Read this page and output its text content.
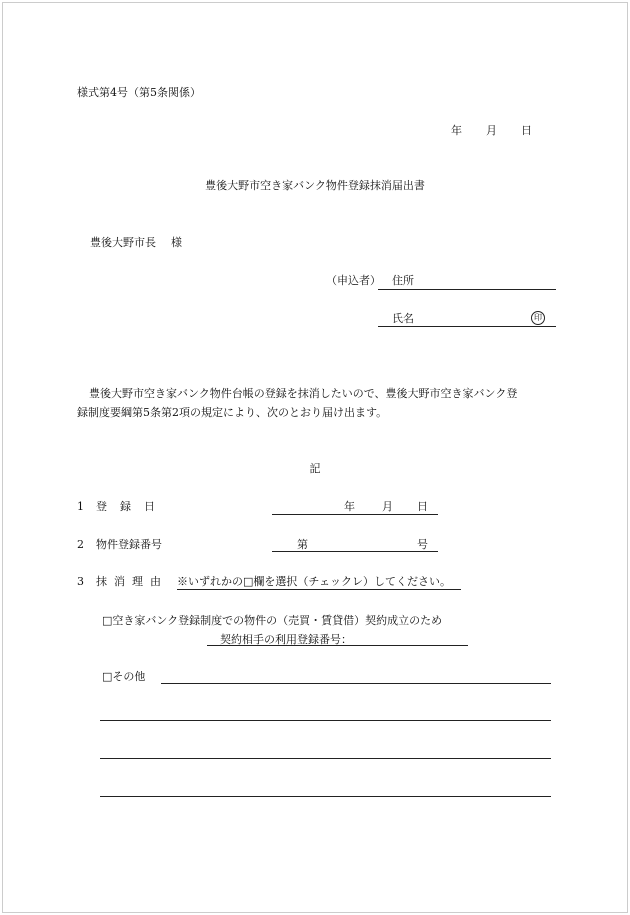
様式第4号（第5条関係）
年 月 日
豊後大野市空き家バンク物件登録抹消届出書
豊後大野市長 様
（申込者） 住所
氏名	印
豊後大野市空き家バンク物件台帳の登録を抹消したいので、豊後大野市空き家バンク登
録制度要綱第5条第2項の規定により、次のとおり届け出ます。
記
1 登録日	年 月 日
2 物件登録番号	第	号
3 抹消理由 ※いずれかの□欄を選択（チェックレ）してください。
□空き家バンク登録制度での物件の（売買・賃貸借）契約成立のため
契約相手の利用登録番号：
□その他
